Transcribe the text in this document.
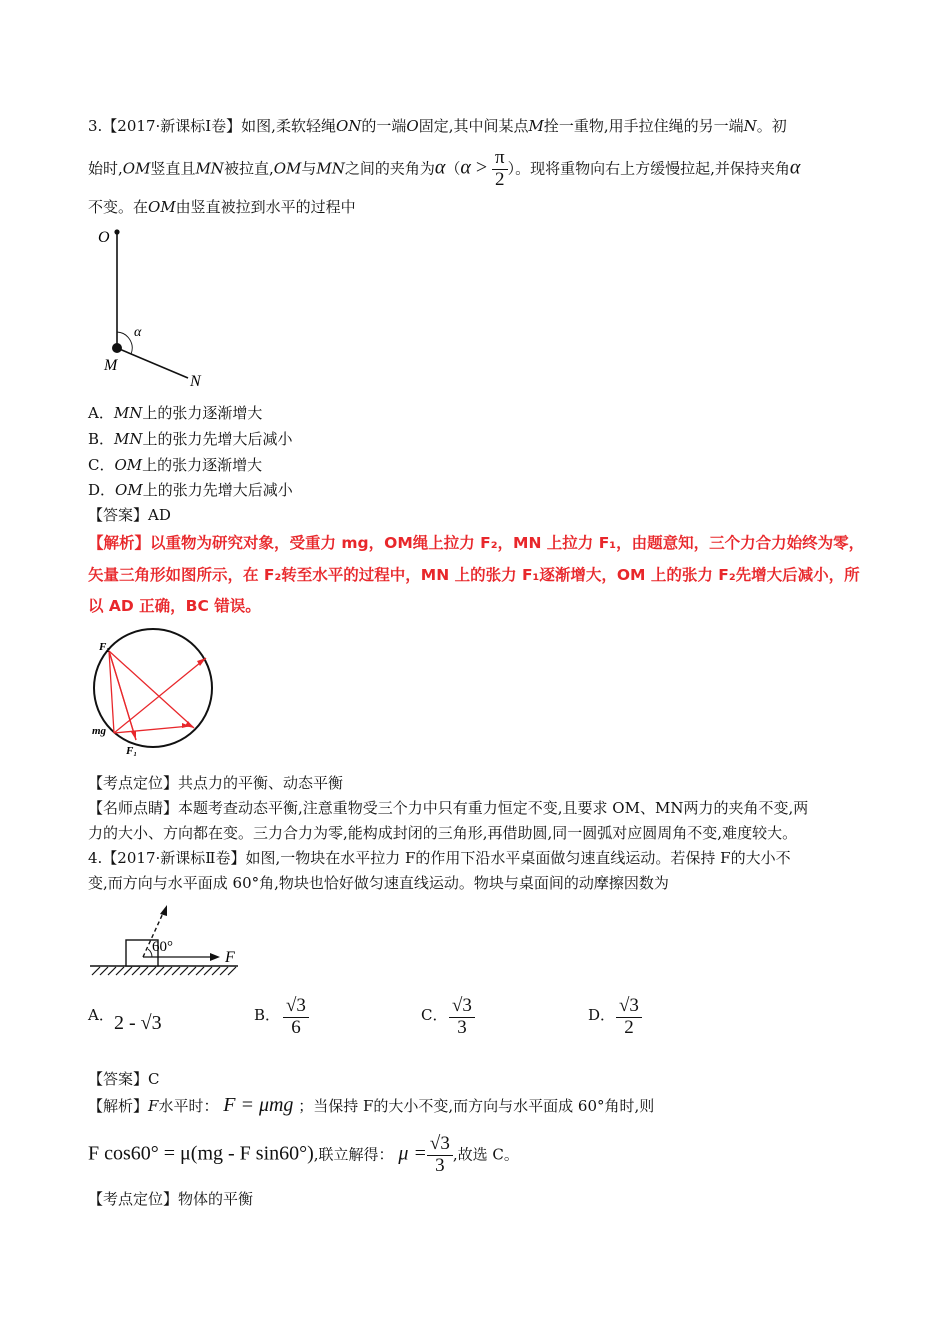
3.【2017·新课标Ⅰ卷】如图,柔软轻绳ON的一端O固定,其中间某点M拴一重物,用手拉住绳的另一端N。初
始时,OM竖直且MN被拉直,OM与MN之间的夹角为$\alpha(\alpha > \frac{\pi}{2}$ ）。现将重物向右上方缓慢拉起,并保持夹角α
不变。在OM由竖直被拉到水平的过程中
O
M
N
α
A．MN上的张力逐渐增大
B．MN上的张力先增大后减小
C．OM上的张力逐渐增大
D．OM上的张力先增大后减小
【答案】AD
【解析】以重物为研究对象，受重力 mg，OM绳上拉力 F₂，MN 上拉力 F₁，由题意知，三个力合力始终为零，
矢量三角形如图所示，在 F₂转至水平的过程中，MN 上的张力 F₁逐渐增大，OM 上的张力 F₂先增大后减小，所
以 AD 正确，BC 错误。
F₂
mg
F₁
【考点定位】共点力的平衡、动态平衡
【名师点睛】本题考查动态平衡,注意重物受三个力中只有重力恒定不变,且要求 OM、MN两力的夹角不变,两
力的大小、方向都在变。三力合力为零,能构成封闭的三角形,再借助圆,同一圆弧对应圆周角不变,难度较大。
4.【2017·新课标Ⅱ卷】如图,一物块在水平拉力 F的作用下沿水平桌面做匀速直线运动。若保持 F的大小不
变,而方向与水平面成 60°角,物块也恰好做匀速直线运动。物块与桌面间的动摩擦因数为
60°
F
A． 2 - √3	B． $\frac{√3}{6}$	C． $\frac{√3}{3}$	D． $\frac{√3}{2}$
【答案】C
【解析】F水平时： F = μmg ；当保持 F的大小不变,而方向与水平面成 60°角时,则
F cos60° = μ(mg - F sin60°),联立解得： $\mu = \frac{√3}{3}$ ,故选 C。
【考点定位】物体的平衡
